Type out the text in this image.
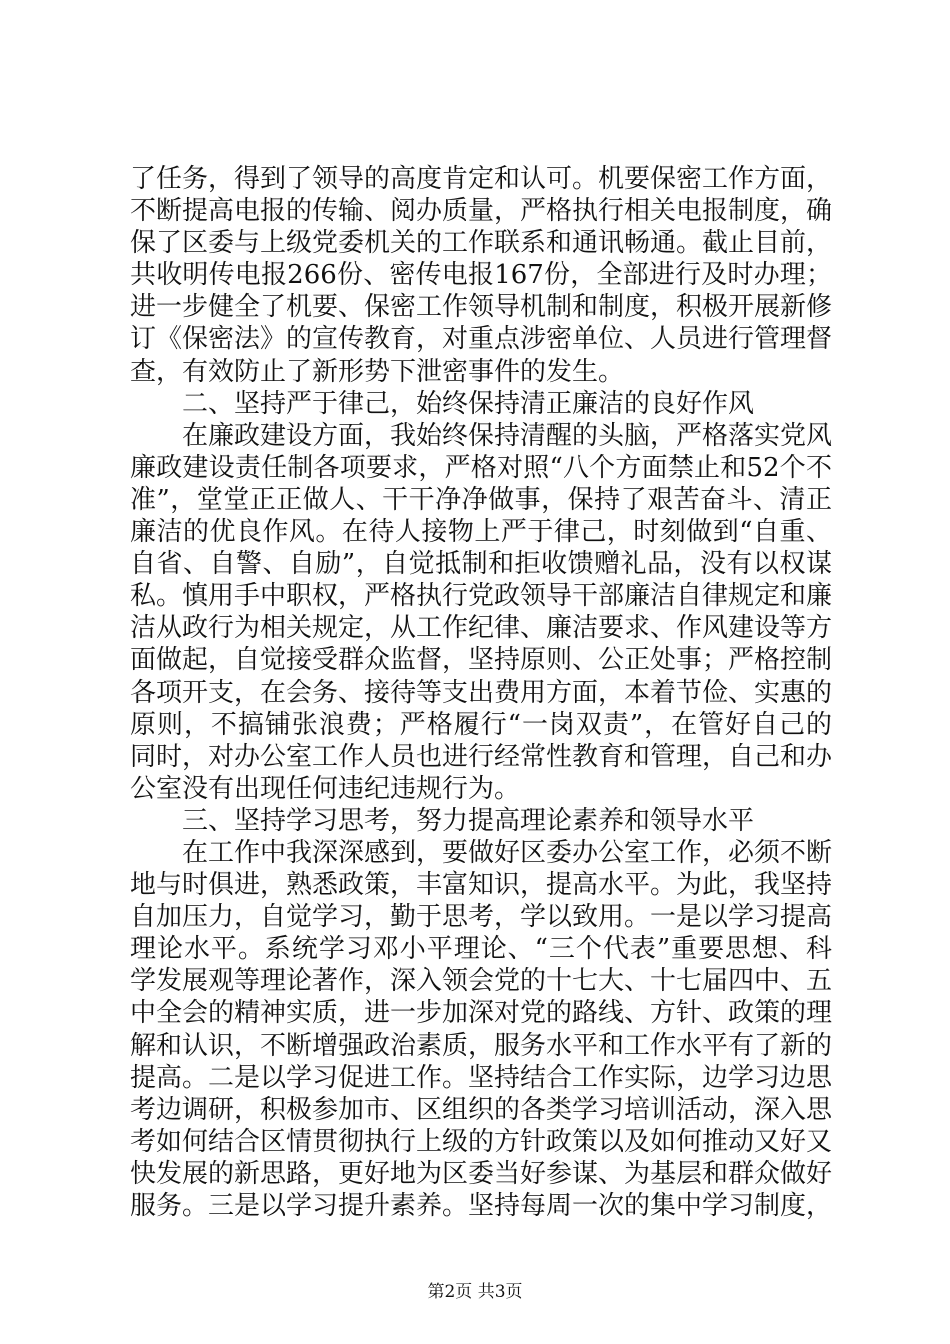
了任务，得到了领导的高度肯定和认可。机要保密工作方面，不断提高电报的传输、阅办质量，严格执行相关电报制度，确保了区委与上级党委机关的工作联系和通讯畅通。截止目前，共收明传电报266份、密传电报167份，全部进行及时办理；进一步健全了机要、保密工作领导机制和制度，积极开展新修订《保密法》的宣传教育，对重点涉密单位、人员进行管理督查，有效防止了新形势下泄密事件的发生。

二、坚持严于律己，始终保持清正廉洁的良好作风

在廉政建设方面，我始终保持清醒的头脑，严格落实党风廉政建设责任制各项要求，严格对照“八个方面禁止和52个不准”，堂堂正正做人、干干净净做事，保持了艰苦奋斗、清正廉洁的优良作风。在待人接物上严于律己，时刻做到“自重、自省、自警、自励”，自觉抵制和拒收馈赠礼品，没有以权谋私。慎用手中职权，严格执行党政领导干部廉洁自律规定和廉洁从政行为相关规定，从工作纪律、廉洁要求、作风建设等方面做起，自觉接受群众监督，坚持原则、公正处事；严格控制各项开支，在会务、接待等支出费用方面，本着节俭、实惠的原则，不搞铺张浪费；严格履行“一岗双责”，在管好自己的同时，对办公室工作人员也进行经常性教育和管理，自己和办公室没有出现任何违纪违规行为。

三、坚持学习思考，努力提高理论素养和领导水平

在工作中我深深感到，要做好区委办公室工作，必须不断地与时俱进，熟悉政策，丰富知识，提高水平。为此，我坚持自加压力，自觉学习，勤于思考，学以致用。一是以学习提高理论水平。系统学习邓小平理论、“三个代表”重要思想、科学发展观等理论著作，深入领会党的十七大、十七届四中、五中全会的精神实质，进一步加深对党的路线、方针、政策的理解和认识，不断增强政治素质，服务水平和工作水平有了新的提高。二是以学习促进工作。坚持结合工作实际，边学习边思考边调研，积极参加市、区组织的各类学习培训活动，深入思考如何结合区情贯彻执行上级的方针政策以及如何推动又好又快发展的新思路，更好地为区委当好参谋、为基层和群众做好服务。三是以学习提升素养。坚持每周一次的集中学习制度，

第2页 共3页
